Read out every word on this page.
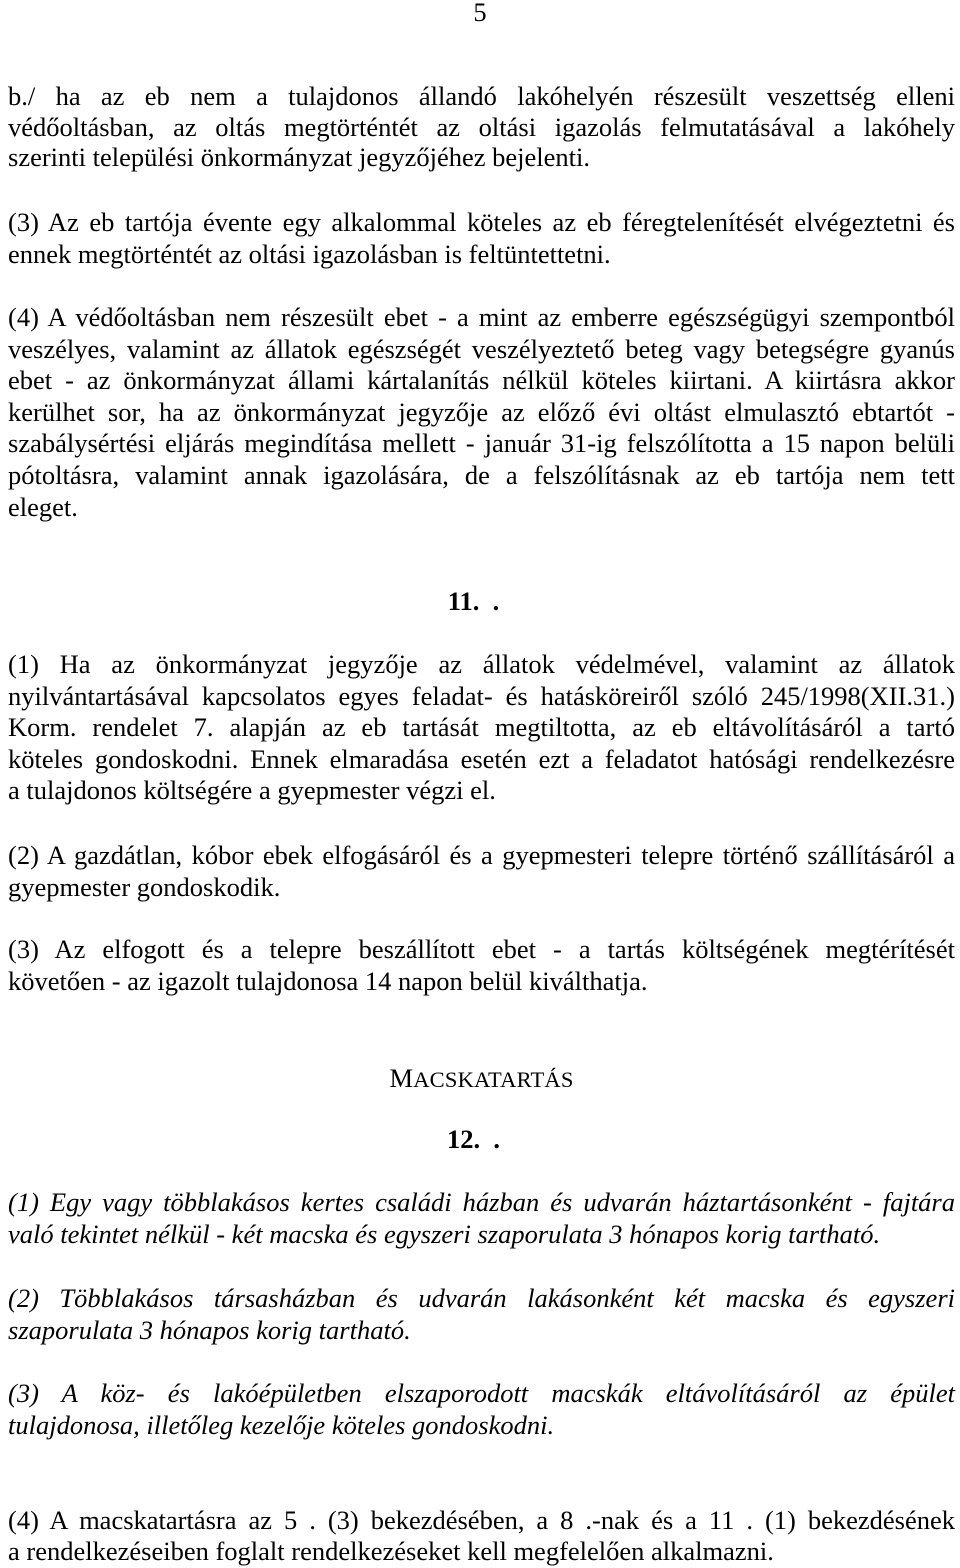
5
b./ ha az eb nem a tulajdonos állandó lakóhelyén részesült veszettség elleni
védőoltásban, az oltás megtörténtét az oltási igazolás felmutatásával a lakóhely
szerinti települési önkormányzat jegyzőjéhez bejelenti.
(3) Az eb tartója évente egy alkalommal köteles az eb féregtelenítését elvégeztetni és
ennek megtörténtét az oltási igazolásban is feltüntettetni.
(4) A védőoltásban nem részesült ebet - a mint az emberre egészségügyi szempontból
veszélyes, valamint az állatok egészségét veszélyeztető beteg vagy betegségre gyanús
ebet - az önkormányzat állami kártalanítás nélkül köteles kiirtani. A kiirtásra akkor
kerülhet sor, ha az önkormányzat jegyzője az előző évi oltást elmulasztó ebtartót -
szabálysértési eljárás megindítása mellett - január 31-ig felszólította a 15 napon belüli
pótoltásra, valamint annak igazolására, de a felszólításnak az eb tartója nem tett
eleget.
11.  .
(1) Ha az önkormányzat jegyzője az állatok védelmével, valamint az állatok
nyilvántartásával kapcsolatos egyes feladat- és hatásköreiről szóló 245/1998(XII.31.)
Korm. rendelet 7. alapján az eb tartását megtiltotta, az eb eltávolításáról a tartó
köteles gondoskodni. Ennek elmaradása esetén ezt a feladatot hatósági rendelkezésre
a tulajdonos költségére a gyepmester végzi el.
(2) A gazdátlan, kóbor ebek elfogásáról és a gyepmesteri telepre történő szállításáról a
gyepmester gondoskodik.
(3) Az elfogott és a telepre beszállított ebet - a tartás költségének megtérítését
követően - az igazolt tulajdonosa 14 napon belül kiválthatja.
MACSKATARTÁS
12.  .
(1) Egy vagy többlakásos kertes családi házban és udvarán háztartásonként - fajtára
való tekintet nélkül - két macska és egyszeri szaporulata 3 hónapos korig tartható.
(2) Többlakásos társasházban és udvarán lakásonként két macska és egyszeri
szaporulata 3 hónapos korig tartható.
(3) A köz- és lakóépületben elszaporodott macskák eltávolításáról az épület
tulajdonosa, illetőleg kezelője köteles gondoskodni.
(4) A macskatartásra az 5 . (3) bekezdésében, a 8 .-nak és a 11 . (1) bekezdésének
a rendelkezéseiben foglalt rendelkezéseket kell megfelelően alkalmazni.
